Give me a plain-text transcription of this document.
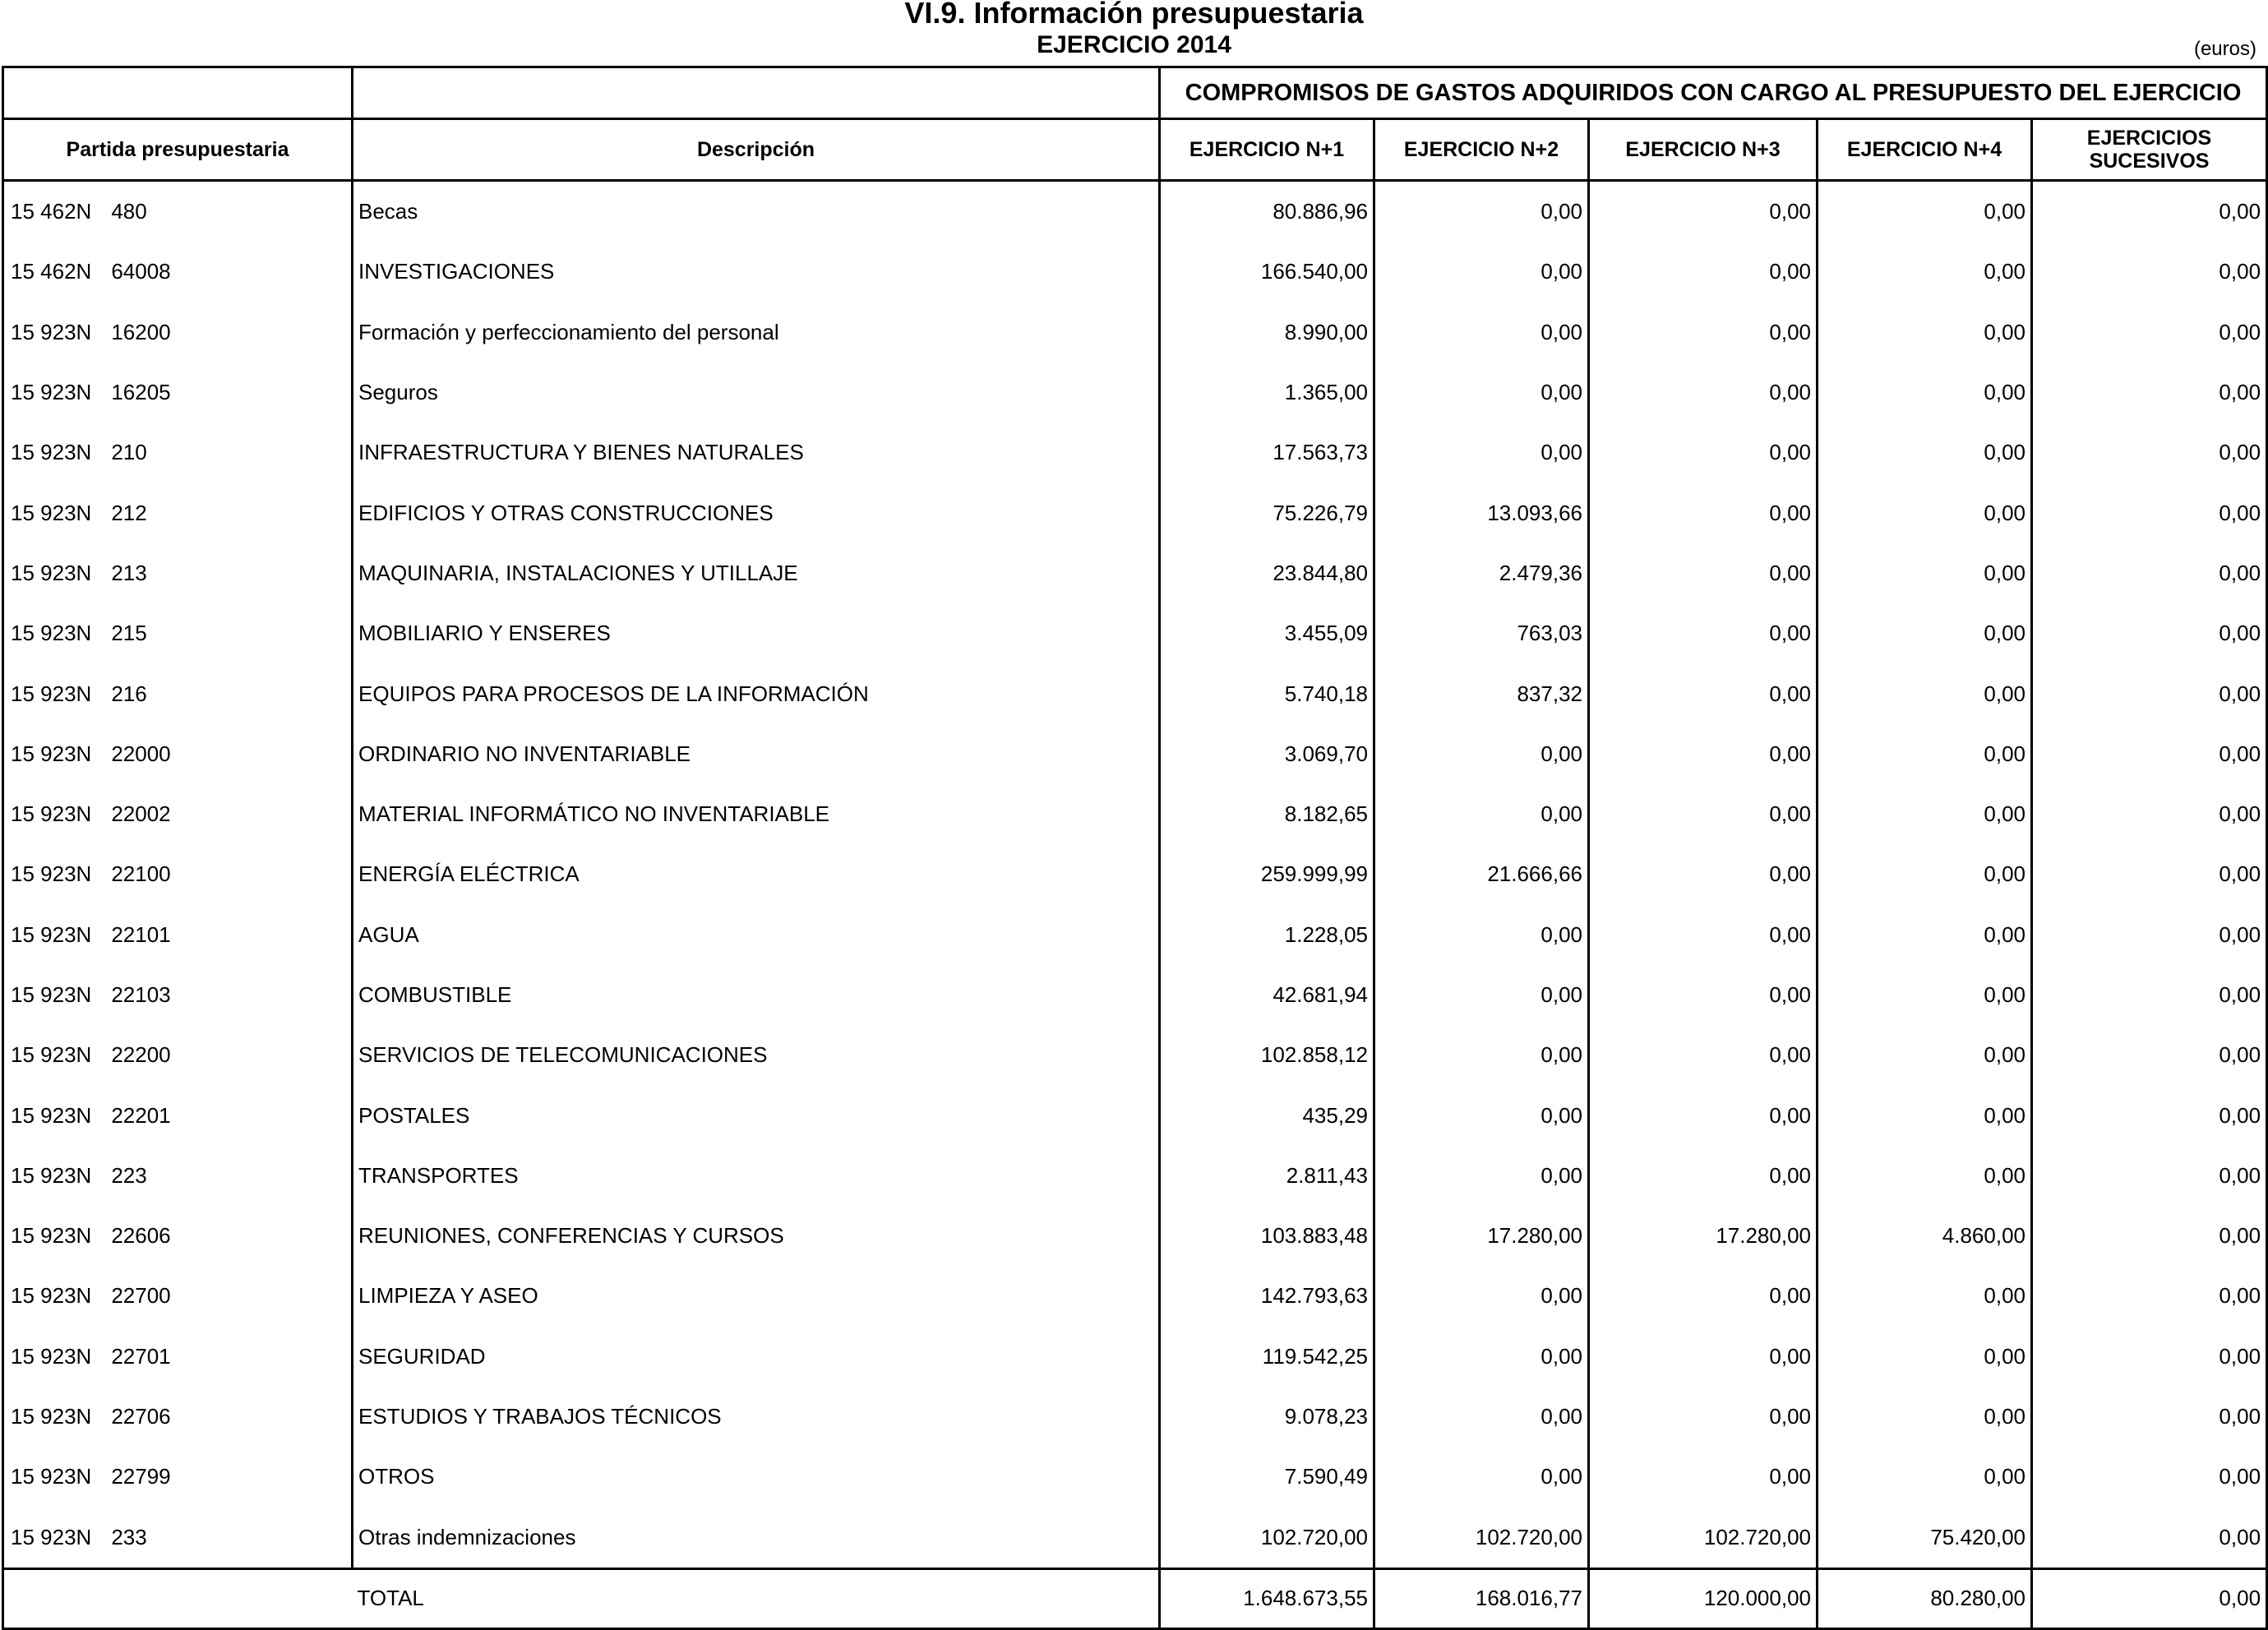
VI.9. Información presupuestaria
EJERCICIO 2014	(euros)
		COMPROMISOS DE GASTOS ADQUIRIDOS CON CARGO AL PRESUPUESTO DEL EJERCICIO				
Partida presupuestaria	Descripción	EJERCICIO N+1	EJERCICIO N+2	EJERCICIO N+3	EJERCICIO N+4	EJERCICIOS SUCESIVOS
15 462N 480	Becas	80.886,96	0,00	0,00	0,00	0,00
15 462N 64008	INVESTIGACIONES	166.540,00	0,00	0,00	0,00	0,00
15 923N 16200	Formación y perfeccionamiento del personal	8.990,00	0,00	0,00	0,00	0,00
15 923N 16205	Seguros	1.365,00	0,00	0,00	0,00	0,00
15 923N 210	INFRAESTRUCTURA Y BIENES NATURALES	17.563,73	0,00	0,00	0,00	0,00
15 923N 212	EDIFICIOS Y OTRAS CONSTRUCCIONES	75.226,79	13.093,66	0,00	0,00	0,00
15 923N 213	MAQUINARIA, INSTALACIONES Y UTILLAJE	23.844,80	2.479,36	0,00	0,00	0,00
15 923N 215	MOBILIARIO Y ENSERES	3.455,09	763,03	0,00	0,00	0,00
15 923N 216	EQUIPOS PARA PROCESOS DE LA INFORMACIÓN	5.740,18	837,32	0,00	0,00	0,00
15 923N 22000	ORDINARIO NO INVENTARIABLE	3.069,70	0,00	0,00	0,00	0,00
15 923N 22002	MATERIAL INFORMÁTICO NO INVENTARIABLE	8.182,65	0,00	0,00	0,00	0,00
15 923N 22100	ENERGÍA ELÉCTRICA	259.999,99	21.666,66	0,00	0,00	0,00
15 923N 22101	AGUA	1.228,05	0,00	0,00	0,00	0,00
15 923N 22103	COMBUSTIBLE	42.681,94	0,00	0,00	0,00	0,00
15 923N 22200	SERVICIOS DE TELECOMUNICACIONES	102.858,12	0,00	0,00	0,00	0,00
15 923N 22201	POSTALES	435,29	0,00	0,00	0,00	0,00
15 923N 223	TRANSPORTES	2.811,43	0,00	0,00	0,00	0,00
15 923N 22606	REUNIONES, CONFERENCIAS Y CURSOS	103.883,48	17.280,00	17.280,00	4.860,00	0,00
15 923N 22700	LIMPIEZA Y ASEO	142.793,63	0,00	0,00	0,00	0,00
15 923N 22701	SEGURIDAD	119.542,25	0,00	0,00	0,00	0,00
15 923N 22706	ESTUDIOS Y TRABAJOS TÉCNICOS	9.078,23	0,00	0,00	0,00	0,00
15 923N 22799	OTROS	7.590,49	0,00	0,00	0,00	0,00
15 923N 233	Otras indemnizaciones	102.720,00	102.720,00	102.720,00	75.420,00	0,00
	TOTAL	1.648.673,55	168.016,77	120.000,00	80.280,00	0,00
